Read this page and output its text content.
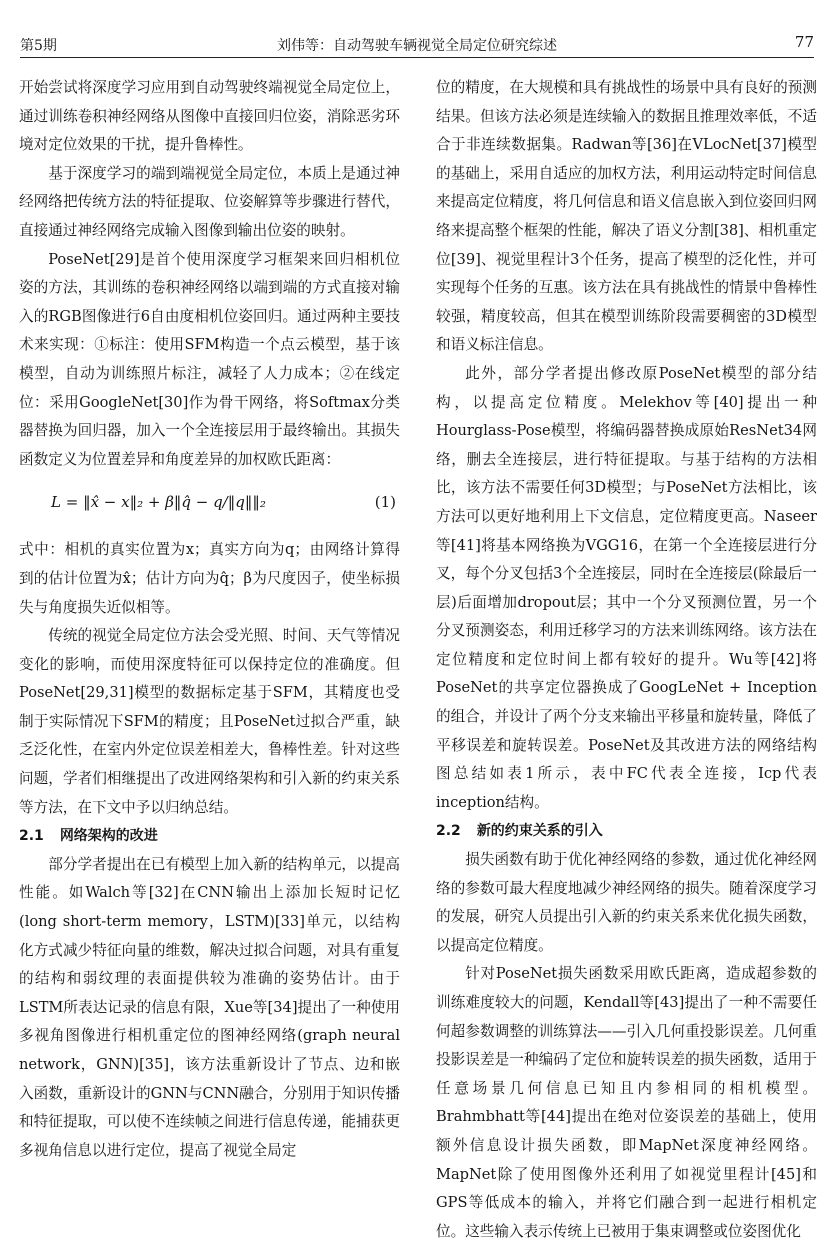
第5期	刘伟等：自动驾驶车辆视觉全局定位研究综述	77

开始尝试将深度学习应用到自动驾驶终端视觉全局定位上，通过训练卷积神经网络从图像中直接回归位姿，消除恶劣环境对定位效果的干扰，提升鲁棒性。

基于深度学习的端到端视觉全局定位，本质上是通过神经网络把传统方法的特征提取、位姿解算等步骤进行替代，直接通过神经网络完成输入图像到输出位姿的映射。

PoseNet[29]是首个使用深度学习框架来回归相机位姿的方法，其训练的卷积神经网络以端到端的方式直接对输入的RGB图像进行6自由度相机位姿回归。通过两种主要技术来实现：①标注：使用SFM构造一个点云模型，基于该模型，自动为训练照片标注，减轻了人力成本；②在线定位：采用GoogleNet[30]作为骨干网络，将Softmax分类器替换为回归器，加入一个全连接层用于最终输出。其损失函数定义为位置差异和角度差异的加权欧氏距离：

L = ‖x̂ − x‖₂ + β‖q̂ − q/‖q‖‖₂	(1)

式中：相机的真实位置为x；真实方向为q；由网络计算得到的估计位置为x̂；估计方向为q̂；β为尺度因子，使坐标损失与角度损失近似相等。

传统的视觉全局定位方法会受光照、时间、天气等情况变化的影响，而使用深度特征可以保持定位的准确度。但PoseNet[29,31]模型的数据标定基于SFM，其精度也受制于实际情况下SFM的精度；且PoseNet过拟合严重，缺乏泛化性，在室内外定位误差相差大，鲁棒性差。针对这些问题，学者们相继提出了改进网络架构和引入新的约束关系等方法，在下文中予以归纳总结。

2.1 网络架构的改进

部分学者提出在已有模型上加入新的结构单元，以提高性能。如Walch等[32]在CNN输出上添加长短时记忆(long short-term memory，LSTM)[33]单元，以结构化方式减少特征向量的维数，解决过拟合问题，对具有重复的结构和弱纹理的表面提供较为准确的姿势估计。由于LSTM所表达记录的信息有限，Xue等[34]提出了一种使用多视角图像进行相机重定位的图神经网络(graph neural network，GNN)[35]，该方法重新设计了节点、边和嵌入函数，重新设计的GNN与CNN融合，分别用于知识传播和特征提取，可以使不连续帧之间进行信息传递，能捕获更多视角信息以进行定位，提高了视觉全局定

位的精度，在大规模和具有挑战性的场景中具有良好的预测结果。但该方法必须是连续输入的数据且推理效率低，不适合于非连续数据集。Radwan等[36]在VLocNet[37]模型的基础上，采用自适应的加权方法，利用运动特定时间信息来提高定位精度，将几何信息和语义信息嵌入到位姿回归网络来提高整个框架的性能，解决了语义分割[38]、相机重定位[39]、视觉里程计3个任务，提高了模型的泛化性，并可实现每个任务的互惠。该方法在具有挑战性的情景中鲁棒性较强，精度较高，但其在模型训练阶段需要稠密的3D模型和语义标注信息。

此外，部分学者提出修改原PoseNet模型的部分结构，以提高定位精度。Melekhov等[40]提出一种Hourglass-Pose模型，将编码器替换成原始ResNet34网络，删去全连接层，进行特征提取。与基于结构的方法相比，该方法不需要任何3D模型；与PoseNet方法相比，该方法可以更好地利用上下文信息，定位精度更高。Naseer等[41]将基本网络换为VGG16，在第一个全连接层进行分叉，每个分叉包括3个全连接层，同时在全连接层(除最后一层)后面增加dropout层；其中一个分叉预测位置，另一个分叉预测姿态，利用迁移学习的方法来训练网络。该方法在定位精度和定位时间上都有较好的提升。Wu等[42]将PoseNet的共享定位器换成了GoogLeNet + Inception的组合，并设计了两个分支来输出平移量和旋转量，降低了平移误差和旋转误差。PoseNet及其改进方法的网络结构图总结如表1所示，表中FC代表全连接，Icp代表inception结构。

2.2 新的约束关系的引入

损失函数有助于优化神经网络的参数，通过优化神经网络的参数可最大程度地减少神经网络的损失。随着深度学习的发展，研究人员提出引入新的约束关系来优化损失函数，以提高定位精度。

针对PoseNet损失函数采用欧氏距离，造成超参数的训练难度较大的问题，Kendall等[43]提出了一种不需要任何超参数调整的训练算法——引入几何重投影误差。几何重投影误差是一种编码了定位和旋转误差的损失函数，适用于任意场景几何信息已知且内参相同的相机模型。Brahmbhatt等[44]提出在绝对位姿误差的基础上，使用额外信息设计损失函数，即MapNet深度神经网络。MapNet除了使用图像外还利用了如视觉里程计[45]和GPS等低成本的输入，并将它们融合到一起进行相机定位。这些输入表示传统上已被用于集束调整或位姿图优化
